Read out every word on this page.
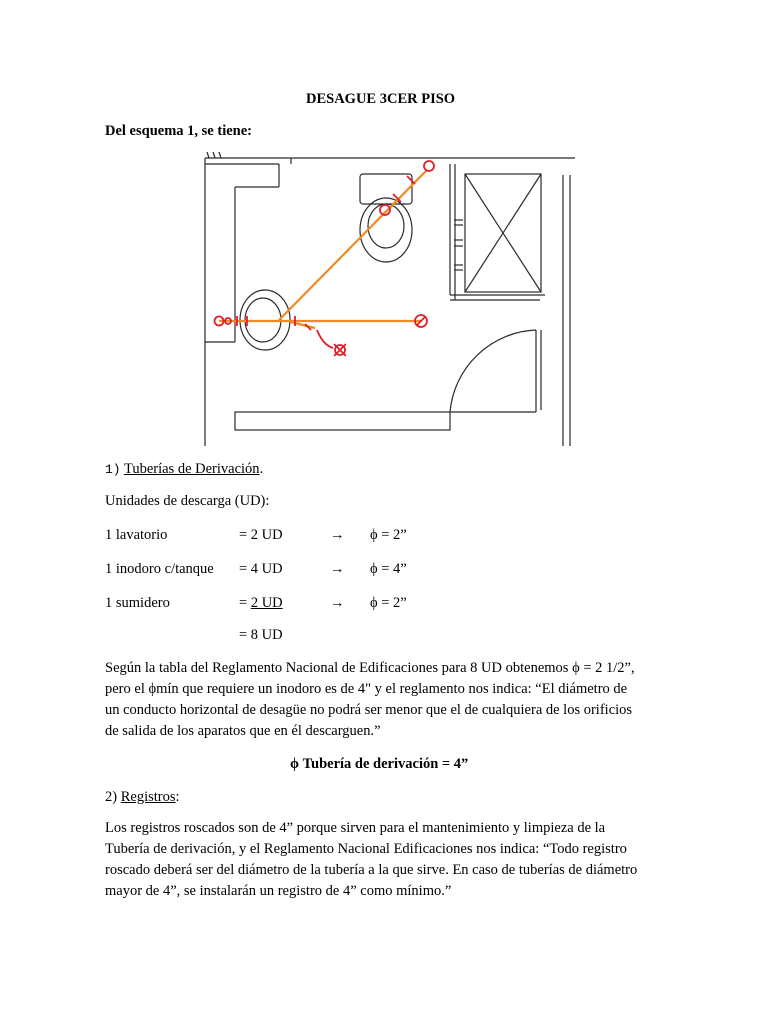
DESAGUE 3CER PISO
Del esquema 1, se tiene:
1) Tuberías de Derivación.
Unidades de descarga (UD):
1 lavatorio	= 2 UD	→ ϕ = 2”
1 inodoro c/tanque = 4 UD	→ ϕ = 4”
1 sumidero	= 2 UD	→ ϕ = 2”
= 8 UD
Según la tabla del Reglamento Nacional de Edificaciones para 8 UD obtenemos ϕ = 2 1/2”,
pero el ϕmín que requiere un inodoro es de 4" y el reglamento nos indica: “El diámetro de
un conducto horizontal de desagüe no podrá ser menor que el de cualquiera de los orificios
de salida de los aparatos que en él descarguen.”
ϕ Tubería de derivación = 4”
2) Registros:
Los registros roscados son de 4” porque sirven para el mantenimiento y limpieza de la
Tubería de derivación, y el Reglamento Nacional Edificaciones nos indica: “Todo registro
roscado deberá ser del diámetro de la tubería a la que sirve. En caso de tuberías de diámetro
mayor de 4”, se instalarán un registro de 4” como mínimo.”
